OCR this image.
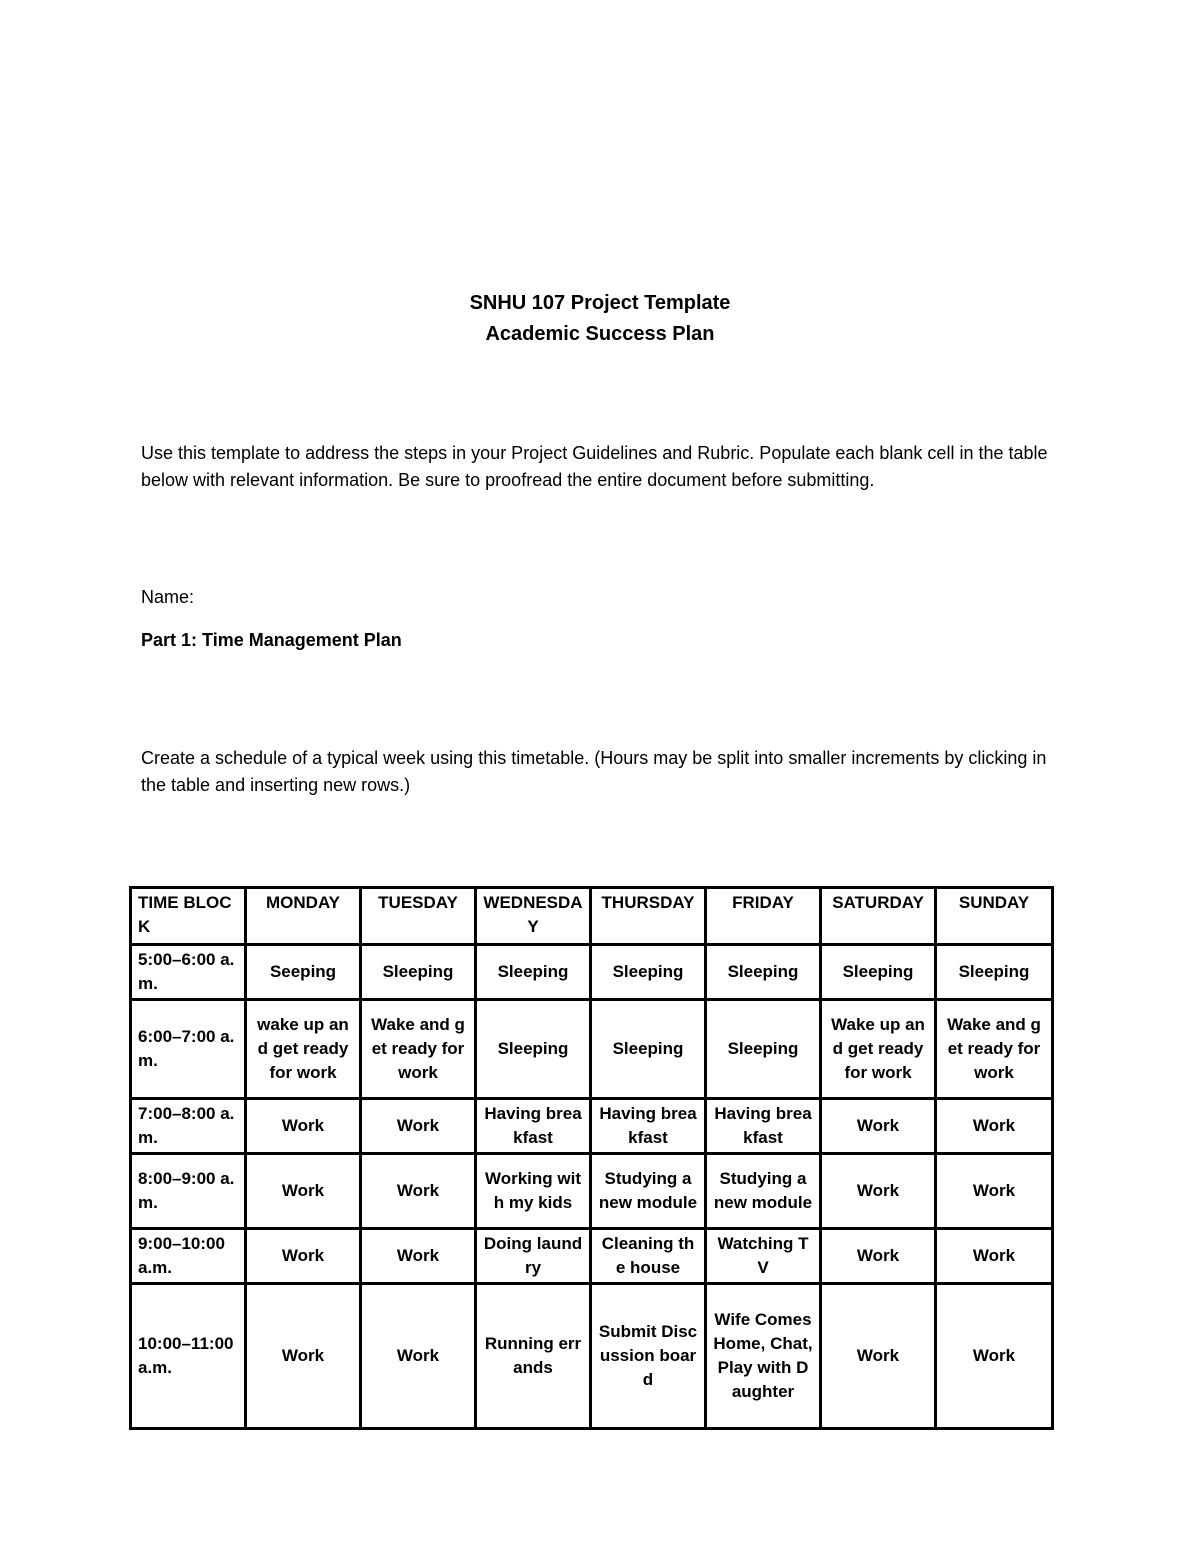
SNHU 107 Project Template
Academic Success Plan
Use this template to address the steps in your Project Guidelines and Rubric. Populate each blank cell in the table below with relevant information. Be sure to proofread the entire document before submitting.
Name:
Part 1: Time Management Plan
Create a schedule of a typical week using this timetable. (Hours may be split into smaller increments by clicking in the table and inserting new rows.)
TIME BLOCK	MONDAY	TUESDAY	WEDNESDAY	THURSDAY	FRIDAY	SATURDAY	SUNDAY
5:00–6:00 a.m.	Seeping	Sleeping	Sleeping	Sleeping	Sleeping	Sleeping	Sleeping
6:00–7:00 a.m.	wake up and get ready for work	Wake and get ready for work	Sleeping	Sleeping	Sleeping	Wake up and get ready for work	Wake and get ready for work
7:00–8:00 a.m.	Work	Work	Having breakfast	Having breakfast	Having breakfast	Work	Work
8:00–9:00 a.m.	Work	Work	Working with my kids	Studying a new module	Studying a new module	Work	Work
9:00–10:00 a.m.	Work	Work	Doing laundry	Cleaning the house	Watching TV	Work	Work
10:00–11:00 a.m.	Work	Work	Running errands	Submit Discussion board	Wife Comes Home, Chat, Play with Daughter	Work	Work
